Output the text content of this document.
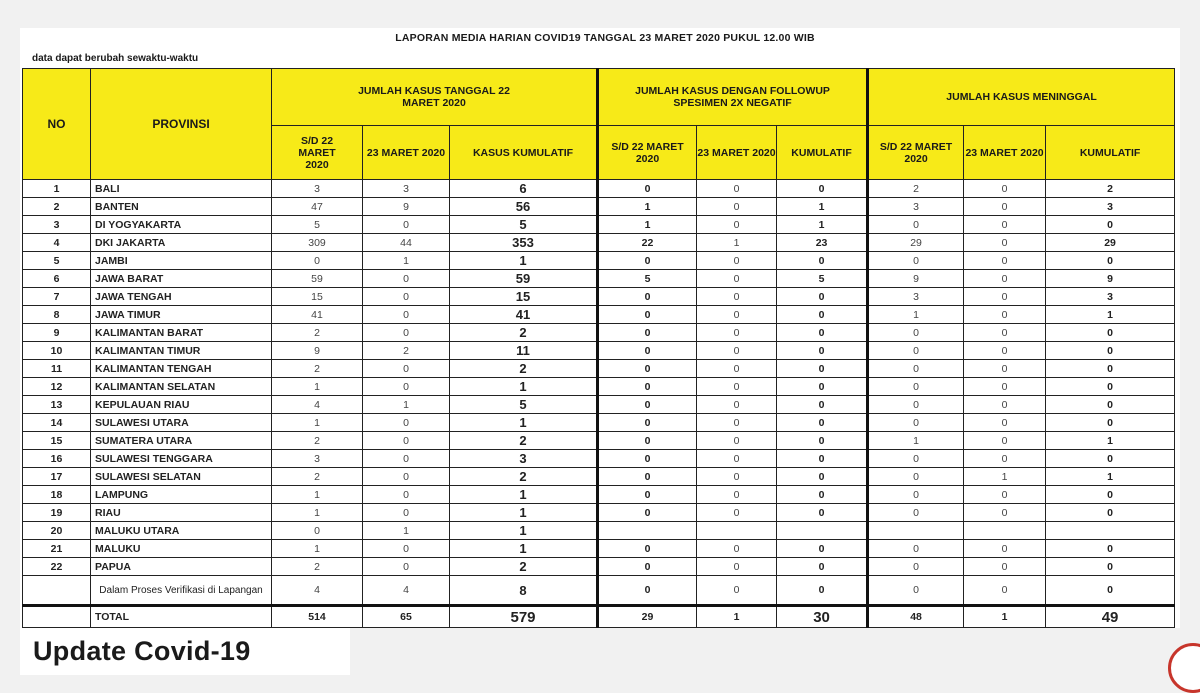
LAPORAN MEDIA HARIAN COVID19 TANGGAL 23 MARET 2020 PUKUL 12.00 WIB
data dapat berubah sewaktu-waktu
NO	PROVINSI	JUMLAH KASUS TANGGAL 22 MARET 2020			JUMLAH KASUS DENGAN FOLLOWUP SPESIMEN 2X NEGATIF			JUMLAH KASUS MENINGGAL		
		S/D 22 MARET 2020	23 MARET 2020	KASUS KUMULATIF	S/D 22 MARET 2020	23 MARET 2020	KUMULATIF	S/D 22 MARET 2020	23 MARET 2020	KUMULATIF
1	BALI	3	3	6	0	0	0	2	0	2
2	BANTEN	47	9	56	1	0	1	3	0	3
3	DI YOGYAKARTA	5	0	5	1	0	1	0	0	0
4	DKI JAKARTA	309	44	353	22	1	23	29	0	29
5	JAMBI	0	1	1	0	0	0	0	0	0
6	JAWA BARAT	59	0	59	5	0	5	9	0	9
7	JAWA TENGAH	15	0	15	0	0	0	3	0	3
8	JAWA TIMUR	41	0	41	0	0	0	1	0	1
9	KALIMANTAN BARAT	2	0	2	0	0	0	0	0	0
10	KALIMANTAN TIMUR	9	2	11	0	0	0	0	0	0
11	KALIMANTAN TENGAH	2	0	2	0	0	0	0	0	0
12	KALIMANTAN SELATAN	1	0	1	0	0	0	0	0	0
13	KEPULAUAN RIAU	4	1	5	0	0	0	0	0	0
14	SULAWESI UTARA	1	0	1	0	0	0	0	0	0
15	SUMATERA UTARA	2	0	2	0	0	0	1	0	1
16	SULAWESI TENGGARA	3	0	3	0	0	0	0	0	0
17	SULAWESI SELATAN	2	0	2	0	0	0	0	1	1
18	LAMPUNG	1	0	1	0	0	0	0	0	0
19	RIAU	1	0	1	0	0	0	0	0	0
20	MALUKU UTARA	0	1	1						
21	MALUKU	1	0	1	0	0	0	0	0	0
22	PAPUA	2	0	2	0	0	0	0	0	0
	Dalam Proses Verifikasi di Lapangan	4	4	8	0	0	0	0	0	0
	TOTAL	514	65	579	29	1	30	48	1	49
Update Covid-19
